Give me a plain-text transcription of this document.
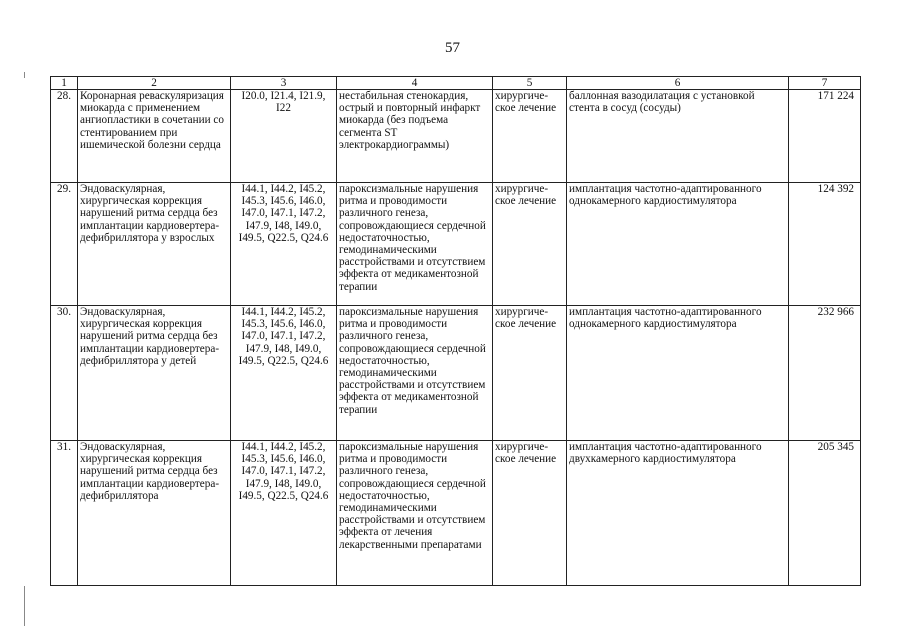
57
1	2	3	4	5	6	7
28.	Коронарная реваскуляризация миокарда с применением ангиопластики в сочетании со стентированием при ишемической болезни сердца	I20.0, I21.4, I21.9, I22	нестабильная стенокардия, острый и повторный инфаркт миокарда (без подъема сегмента ST электрокардиограммы)	хирургиче-ское лечение	баллонная вазодилатация с установкой стента в сосуд (сосуды)	171 224
29.	Эндоваскулярная, хирургическая коррекция нарушений ритма сердца без имплантации кардиовертера-дефибриллятора у взрослых	I44.1, I44.2, I45.2, I45.3, I45.6, I46.0, I47.0, I47.1, I47.2, I47.9, I48, I49.0, I49.5, Q22.5, Q24.6	пароксизмальные нарушения ритма и проводимости различного генеза, сопровождающиеся сердечной недостаточностью, гемодинамическими расстройствами и отсутствием эффекта от медикаментозной терапии	хирургиче-ское лечение	имплантация частотно-адаптированного однокамерного кардиостимулятора	124 392
30.	Эндоваскулярная, хирургическая коррекция нарушений ритма сердца без имплантации кардиовертера-дефибриллятора у детей	I44.1, I44.2, I45.2, I45.3, I45.6, I46.0, I47.0, I47.1, I47.2, I47.9, I48, I49.0, I49.5, Q22.5, Q24.6	пароксизмальные нарушения ритма и проводимости различного генеза, сопровождающиеся сердечной недостаточностью, гемодинамическими расстройствами и отсутствием эффекта от медикаментозной терапии	хирургиче-ское лечение	имплантация частотно-адаптированного однокамерного кардиостимулятора	232 966
31.	Эндоваскулярная, хирургическая коррекция нарушений ритма сердца без имплантации кардиовертера-дефибриллятора	I44.1, I44.2, I45.2, I45.3, I45.6, I46.0, I47.0, I47.1, I47.2, I47.9, I48, I49.0, I49.5, Q22.5, Q24.6	пароксизмальные нарушения ритма и проводимости различного генеза, сопровождающиеся сердечной недостаточностью, гемодинамическими расстройствами и отсутствием эффекта от лечения лекарственными препаратами	хирургиче-ское лечение	имплантация частотно-адаптированного двухкамерного кардиостимулятора	205 345
